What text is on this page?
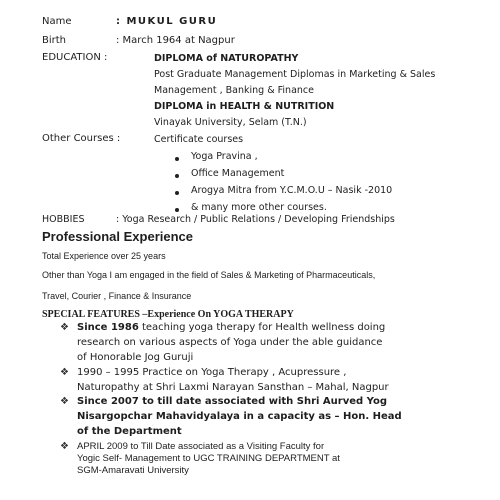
Name	: MUKUL GURU
Birth	: March 1964 at Nagpur
EDUCATION :	DIPLOMA of NATUROPATHY
Post Graduate Management Diplomas in Marketing & Sales
Management , Banking & Finance
DIPLOMA in HEALTH & NUTRITION
Vinayak University, Selam (T.N.)
Other Courses :	Certificate courses
Yoga Pravina ,
Office Management
Arogya Mitra from Y.C.M.O.U – Nasik -2010
& many more other courses.
HOBBIES	: Yoga Research / Public Relations / Developing Friendships
Professional Experience
Total Experience over 25 years
Other than Yoga I am engaged in the field of Sales & Marketing of Pharmaceuticals,
Travel, Courier , Finance & Insurance
SPECIAL FEATURES –Experience On YOGA THERAPY
❖ Since 1986 teaching yoga therapy for Health wellness doing
research on various aspects of Yoga under the able guidance
of Honorable Jog Guruji
❖ 1990 – 1995 Practice on Yoga Therapy , Acupressure ,
Naturopathy at Shri Laxmi Narayan Sansthan – Mahal, Nagpur
❖ Since 2007 to till date associated with Shri Aurved Yog
Nisargopchar Mahavidyalaya in a capacity as – Hon. Head
of the Department
❖ APRIL 2009 to Till Date associated as a Visiting Faculty for
Yogic Self- Management to UGC TRAINING DEPARTMENT at
SGM-Amaravati University
